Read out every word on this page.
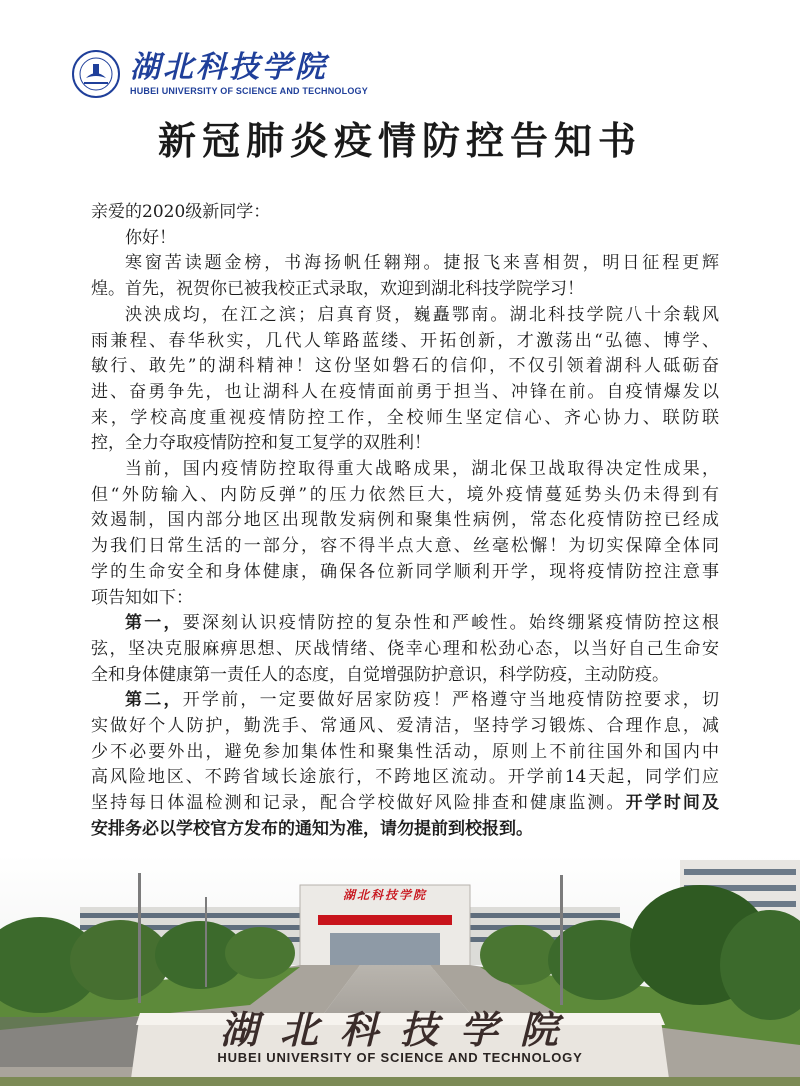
湖北科技学院
HUBEI UNIVERSITY OF SCIENCE AND TECHNOLOGY
新冠肺炎疫情防控告知书
亲爱的2020级新同学：
你好！
寒窗苦读题金榜，书海扬帆任翱翔。捷报飞来喜相贺，明日征程更辉
煌。首先，祝贺你已被我校正式录取，欢迎到湖北科技学院学习！
泱泱成均，在江之滨；启真育贤，巍矗鄂南。湖北科技学院八十余载风
雨兼程、春华秋实，几代人筚路蓝缕、开拓创新，才激荡出“弘德、博学、
敏行、敢先”的湖科精神！这份坚如磐石的信仰，不仅引领着湖科人砥砺奋
进、奋勇争先，也让湖科人在疫情面前勇于担当、冲锋在前。自疫情爆发以
来，学校高度重视疫情防控工作，全校师生坚定信心、齐心协力、联防联
控，全力夺取疫情防控和复工复学的双胜利！
当前，国内疫情防控取得重大战略成果，湖北保卫战取得决定性成果，
但“外防输入、内防反弹”的压力依然巨大，境外疫情蔓延势头仍未得到有
效遏制，国内部分地区出现散发病例和聚集性病例，常态化疫情防控已经成
为我们日常生活的一部分，容不得半点大意、丝毫松懈！为切实保障全体同
学的生命安全和身体健康，确保各位新同学顺利开学，现将疫情防控注意事
项告知如下：
第一，要深刻认识疫情防控的复杂性和严峻性。始终绷紧疫情防控这根
弦，坚决克服麻痹思想、厌战情绪、侥幸心理和松劲心态，以当好自己生命安
全和身体健康第一责任人的态度，自觉增强防护意识，科学防疫，主动防疫。
第二，开学前，一定要做好居家防疫！严格遵守当地疫情防控要求，切
实做好个人防护，勤洗手、常通风、爱清洁，坚持学习锻炼、合理作息，减
少不必要外出，避免参加集体性和聚集性活动，原则上不前往国外和国内中
高风险地区、不跨省域长途旅行，不跨地区流动。开学前14天起，同学们应
坚持每日体温检测和记录，配合学校做好风险排查和健康监测。开学时间及
安排务必以学校官方发布的通知为准，请勿提前到校报到。
湖北科技学院
湖北科技学院
HUBEI UNIVERSITY OF SCIENCE AND TECHNOLOGY
